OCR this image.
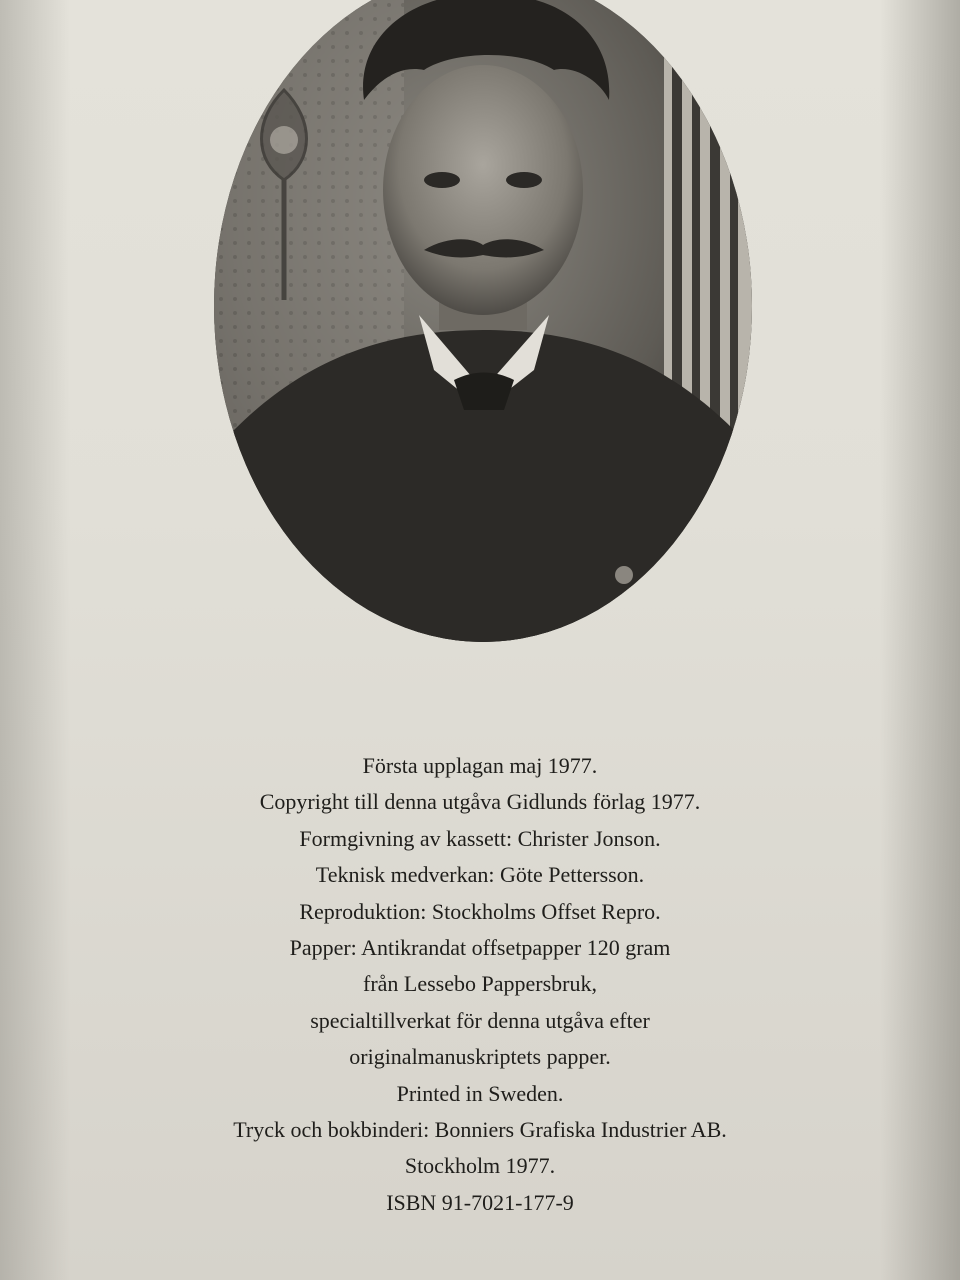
Första upplagan maj 1977.
Copyright till denna utgåva Gidlunds förlag 1977.
Formgivning av kassett: Christer Jonson.
Teknisk medverkan: Göte Pettersson.
Reproduktion: Stockholms Offset Repro.
Papper: Antikrandat offsetpapper 120 gram
från Lessebo Pappersbruk,
specialtillverkat för denna utgåva efter
originalmanuskriptets papper.
Printed in Sweden.
Tryck och bokbinderi: Bonniers Grafiska Industrier AB.
Stockholm 1977.
ISBN 91-7021-177-9
